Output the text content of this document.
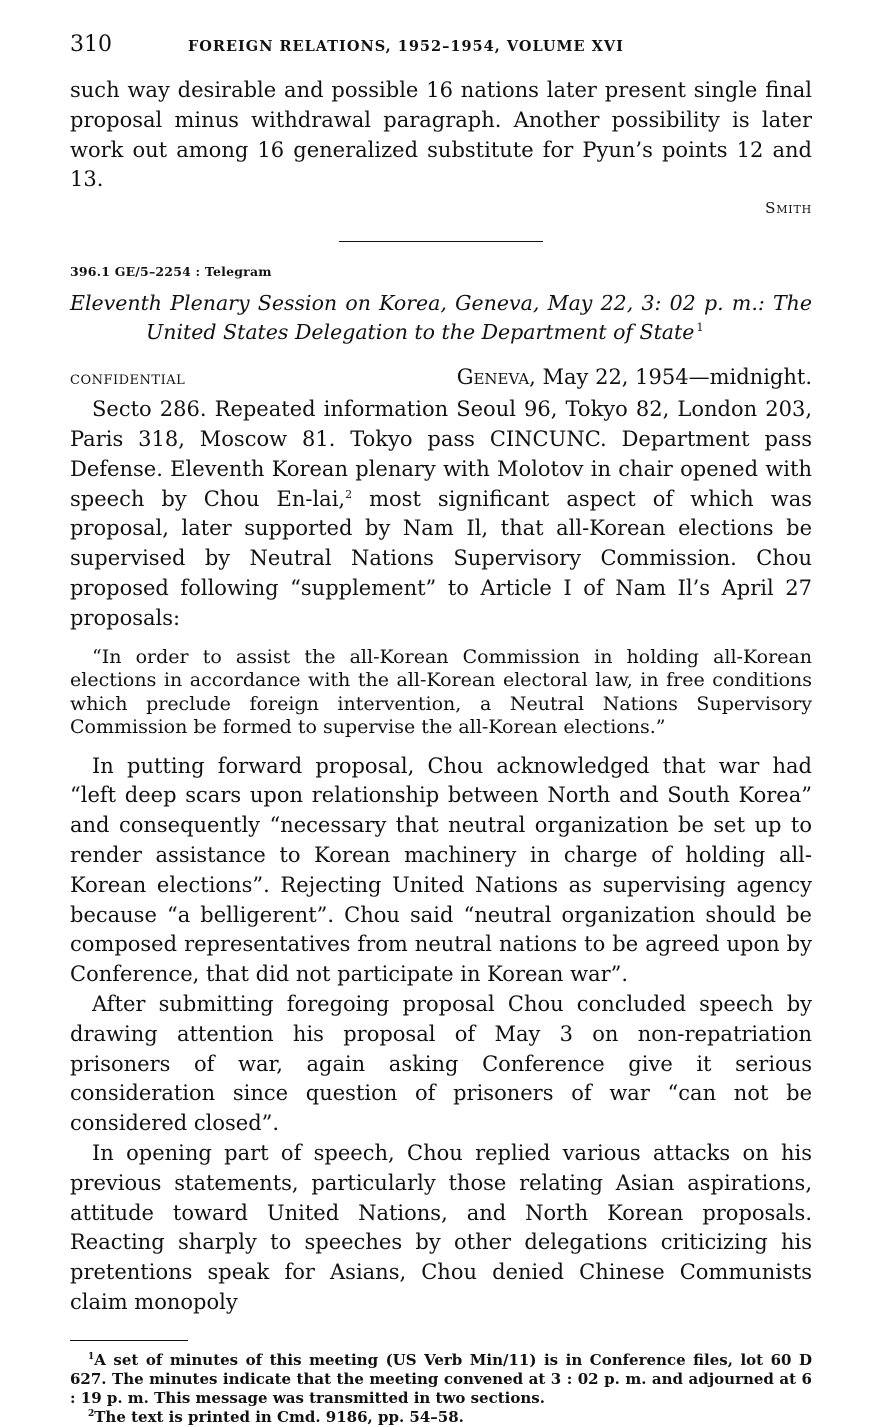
310	FOREIGN RELATIONS, 1952–1954, VOLUME XVI

such way desirable and possible 16 nations later present single final proposal minus withdrawal paragraph. Another possibility is later work out among 16 generalized substitute for Pyun’s points 12 and 13.

Smith
396.1 GE/5–2254 : Telegram
Eleventh Plenary Session on Korea, Geneva, May 22, 3: 02 p. m.: The United States Delegation to the Department of State  $^1$
CONFIDENTIAL	Geneva, May 22, 1954—midnight.

Secto 286. Repeated information Seoul 96, Tokyo 82, London 203, Paris 318, Moscow 81. Tokyo pass CINCUNC. Department pass Defense. Eleventh Korean plenary with Molotov in chair opened with speech by Chou En-lai,$^2$ most significant aspect of which was proposal, later supported by Nam Il, that all-Korean elections be supervised by Neutral Nations Supervisory Commission. Chou proposed following “supplement” to Article I of Nam Il’s April 27 proposals:

“In order to assist the all-Korean Commission in holding all-Korean elections in accordance with the all-Korean electoral law, in free conditions which preclude foreign intervention, a Neutral Nations Supervisory Commission be formed to supervise the all-Korean elections.”

In putting forward proposal, Chou acknowledged that war had “left deep scars upon relationship between North and South Korea” and consequently “necessary that neutral organization be set up to render assistance to Korean machinery in charge of holding all-Korean elections”. Rejecting United Nations as supervising agency because “a belligerent”. Chou said “neutral organization should be composed representatives from neutral nations to be agreed upon by Conference, that did not participate in Korean war”.

After submitting foregoing proposal Chou concluded speech by drawing attention his proposal of May 3 on non-repatriation prisoners of war, again asking Conference give it serious consideration since question of prisoners of war “can not be considered closed”.

In opening part of speech, Chou replied various attacks on his previous statements, particularly those relating Asian aspirations, attitude toward United Nations, and North Korean proposals. Reacting sharply to speeches by other delegations criticizing his pretentions speak for Asians, Chou denied Chinese Communists claim monopoly

$^1$A set of minutes of this meeting (US Verb Min/11) is in Conference files, lot 60 D 627. The minutes indicate that the meeting convened at 3 : 02 p. m. and adjourned at 6 : 19 p. m. This message was transmitted in two sections.

$^2$The text is printed in Cmd. 9186, pp. 54–58.
